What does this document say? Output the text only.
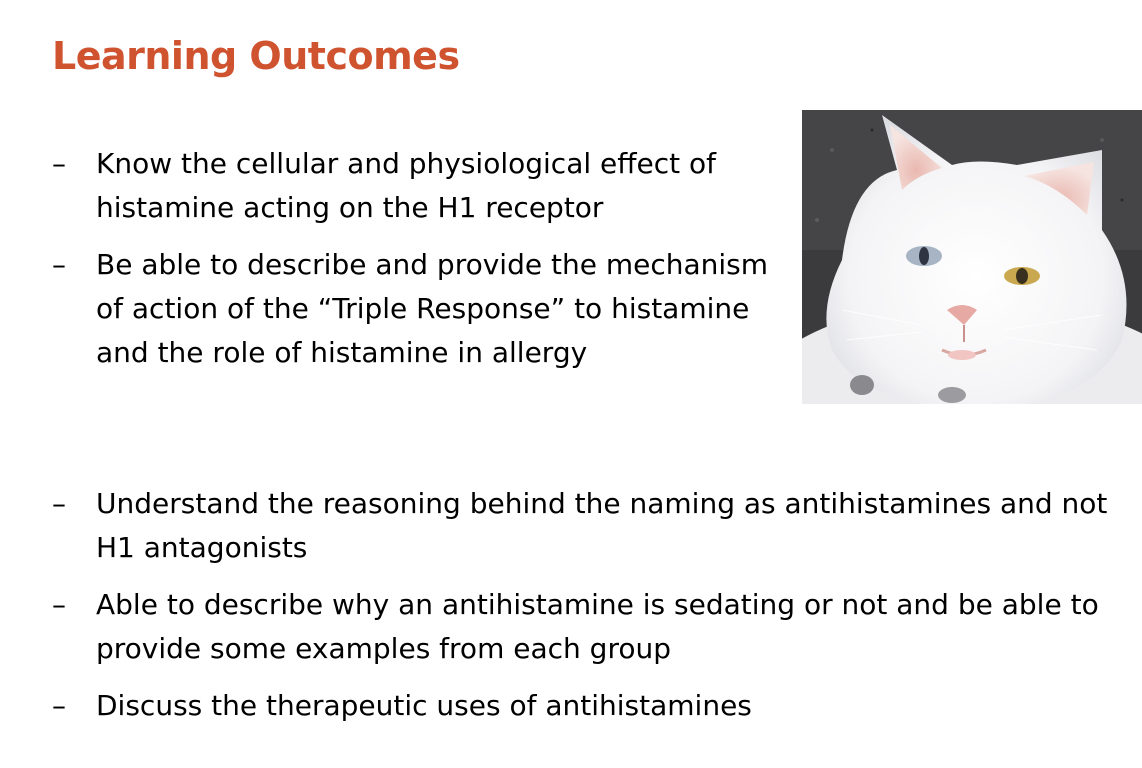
Learning Outcomes
– Know the cellular and physiological effect of histamine acting on the H1 receptor
– Be able to describe and provide the mechanism of action of the “Triple Response” to histamine and the role of histamine in allergy
– Understand the reasoning behind the naming as antihistamines and not H1 antagonists
– Able to describe why an antihistamine is sedating or not and be able to provide some examples from each group
– Discuss the therapeutic uses of antihistamines
